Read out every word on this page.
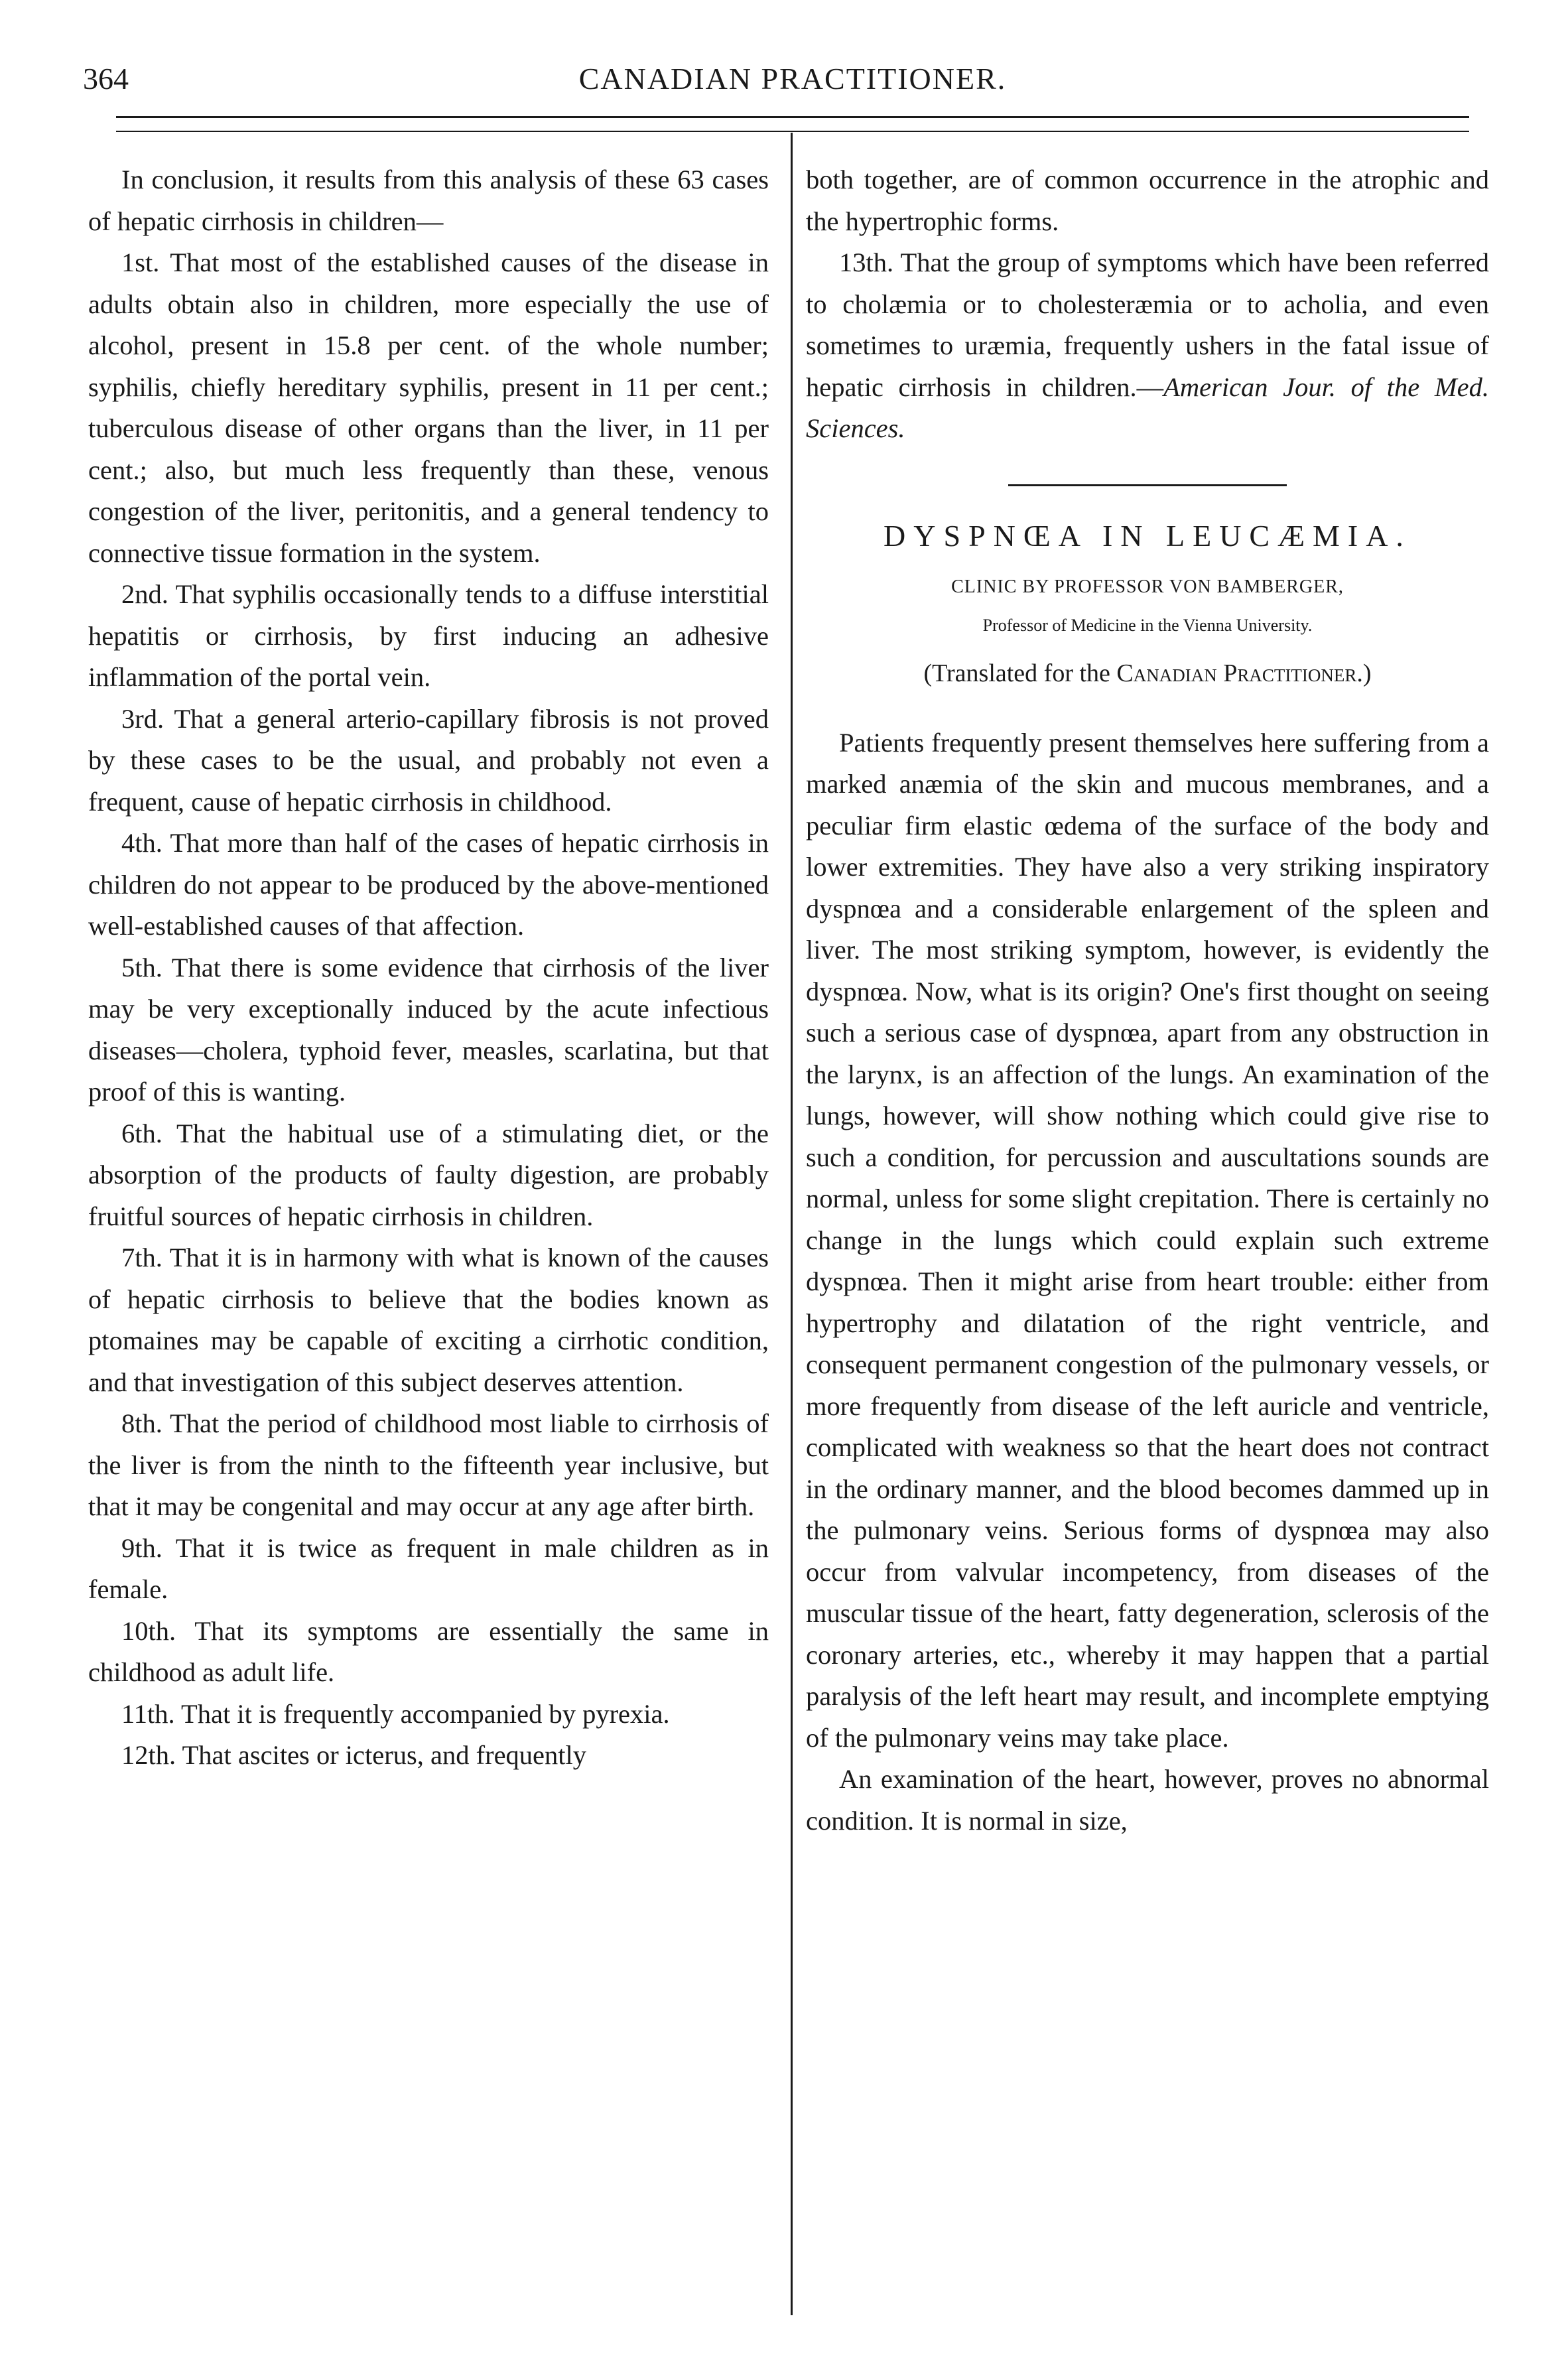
364	CANADIAN PRACTITIONER.

In conclusion, it results from this analysis of these 63 cases of hepatic cirrhosis in children—

1st. That most of the established causes of the disease in adults obtain also in children, more especially the use of alcohol, present in 15.8 per cent. of the whole number; syphilis, chiefly hereditary syphilis, present in 11 per cent.; tuberculous disease of other organs than the liver, in 11 per cent.; also, but much less frequently than these, venous congestion of the liver, peritonitis, and a general tendency to connective tissue formation in the system.

2nd. That syphilis occasionally tends to a diffuse interstitial hepatitis or cirrhosis, by first inducing an adhesive inflammation of the portal vein.

3rd. That a general arterio-capillary fibrosis is not proved by these cases to be the usual, and probably not even a frequent, cause of hepatic cirrhosis in childhood.

4th. That more than half of the cases of hepatic cirrhosis in children do not appear to be produced by the above-mentioned well-established causes of that affection.

5th. That there is some evidence that cirrhosis of the liver may be very exceptionally induced by the acute infectious diseases—cholera, typhoid fever, measles, scarlatina, but that proof of this is wanting.

6th. That the habitual use of a stimulating diet, or the absorption of the products of faulty digestion, are probably fruitful sources of hepatic cirrhosis in children.

7th. That it is in harmony with what is known of the causes of hepatic cirrhosis to believe that the bodies known as ptomaines may be capable of exciting a cirrhotic condition, and that investigation of this subject deserves attention.

8th. That the period of childhood most liable to cirrhosis of the liver is from the ninth to the fifteenth year inclusive, but that it may be congenital and may occur at any age after birth.

9th. That it is twice as frequent in male children as in female.

10th. That its symptoms are essentially the same in childhood as adult life.

11th. That it is frequently accompanied by pyrexia.

12th. That ascites or icterus, and frequently

both together, are of common occurrence in the atrophic and the hypertrophic forms.

13th. That the group of symptoms which have been referred to cholæmia or to cholesteræmia or to acholia, and even sometimes to uræmia, frequently ushers in the fatal issue of hepatic cirrhosis in children.—American Jour. of the Med. Sciences.

DYSPNŒA IN LEUCÆMIA.

CLINIC BY PROFESSOR VON BAMBERGER,

Professor of Medicine in the Vienna University.

(Translated for the Canadian Practitioner.)

Patients frequently present themselves here suffering from a marked anæmia of the skin and mucous membranes, and a peculiar firm elastic œdema of the surface of the body and lower extremities. They have also a very striking inspiratory dyspnœa and a considerable enlargement of the spleen and liver. The most striking symptom, however, is evidently the dyspnœa. Now, what is its origin? One's first thought on seeing such a serious case of dyspnœa, apart from any obstruction in the larynx, is an affection of the lungs. An examination of the lungs, however, will show nothing which could give rise to such a condition, for percussion and auscultations sounds are normal, unless for some slight crepitation. There is certainly no change in the lungs which could explain such extreme dyspnœa. Then it might arise from heart trouble: either from hypertrophy and dilatation of the right ventricle, and consequent permanent congestion of the pulmonary vessels, or more frequently from disease of the left auricle and ventricle, complicated with weakness so that the heart does not contract in the ordinary manner, and the blood becomes dammed up in the pulmonary veins. Serious forms of dyspnœa may also occur from valvular incompetency, from diseases of the muscular tissue of the heart, fatty degeneration, sclerosis of the coronary arteries, etc., whereby it may happen that a partial paralysis of the left heart may result, and incomplete emptying of the pulmonary veins may take place.

An examination of the heart, however, proves no abnormal condition. It is normal in size,
